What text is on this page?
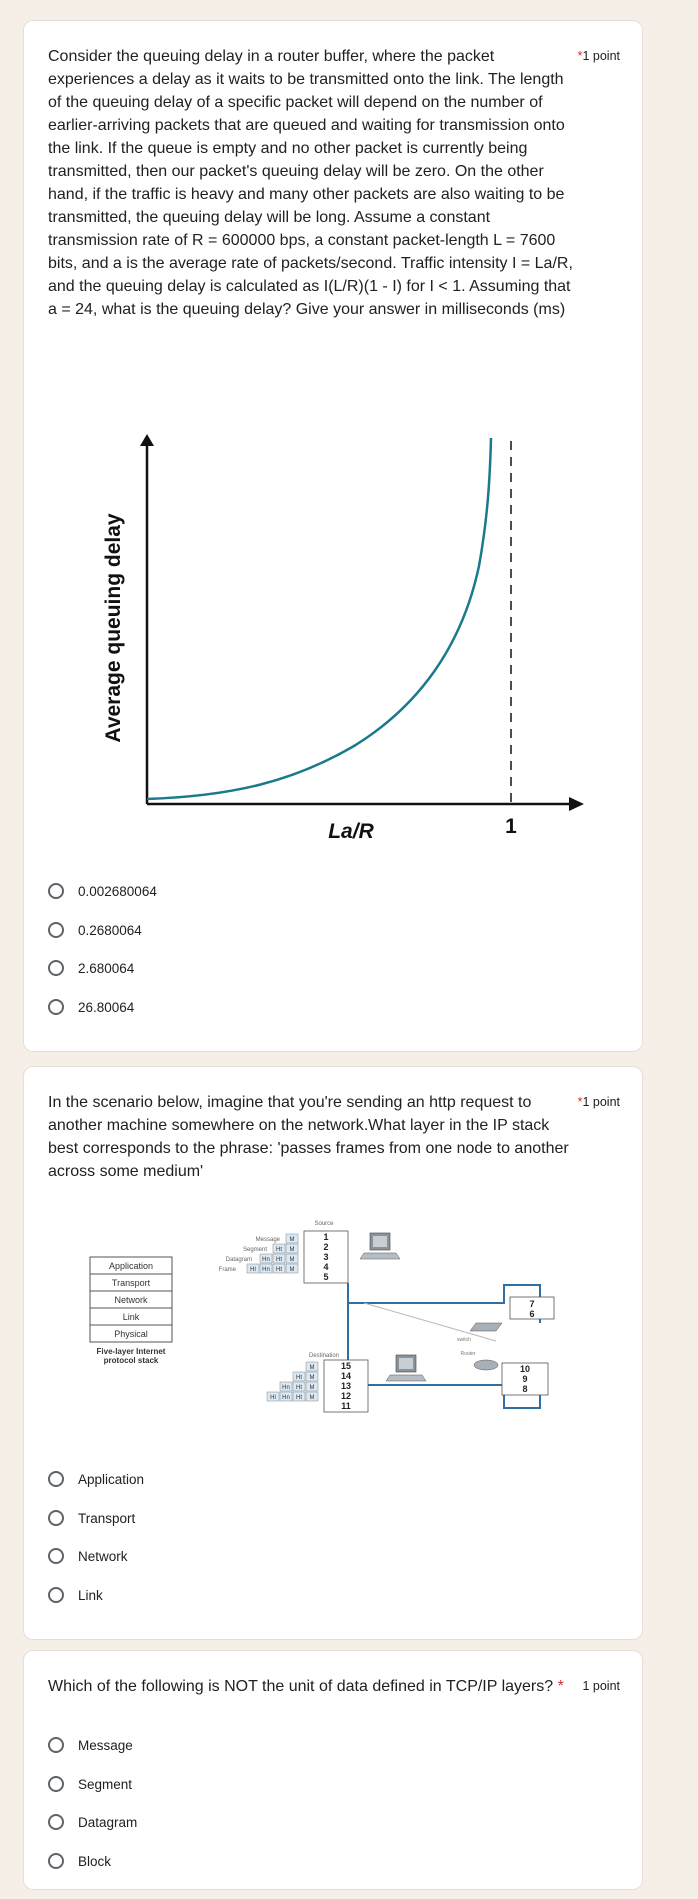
Consider the queuing delay in a router buffer, where the packet experiences a delay as it waits to be transmitted onto the link. The length of the queuing delay of a specific packet will depend on the number of earlier-arriving packets that are queued and waiting for transmission onto the link. If the queue is empty and no other packet is currently being transmitted, then our packet's queuing delay will be zero. On the other hand, if the traffic is heavy and many other packets are also waiting to be transmitted, the queuing delay will be long. Assume a constant transmission rate of R = 600000 bps, a constant packet-length L = 7600 bits, and a is the average rate of packets/second. Traffic intensity I = La/R, and the queuing delay is calculated as I(L/R)(1 - I) for I < 1. Assuming that a = 24, what is the queuing delay? Give your answer in milliseconds (ms)
*1 point
Average queuing delay
La/R	1
0.002680064
0.2680064
2.680064
26.80064
In the scenario below, imagine that you're sending an http request to another machine somewhere on the network.What layer in the IP stack best corresponds to the phrase: 'passes frames from one node to another across some medium'
*1 point
Application
Transport
Network
Link
Physical
Five-layer Internet protocol stack
Source
Message
Segment
Datagram
Frame
M
Ht M
Hn Ht M
Hl Hn Ht M
1
2
3
4
5
switch
Router
7
6
10
9
8
Destination
M
Ht M
Hn Ht M
Hl Hn Ht M
15
14
13
12
11
Application
Transport
Network
Link
Which of the following is NOT the unit of data defined in TCP/IP layers? *	1 point
Message
Segment
Datagram
Block
